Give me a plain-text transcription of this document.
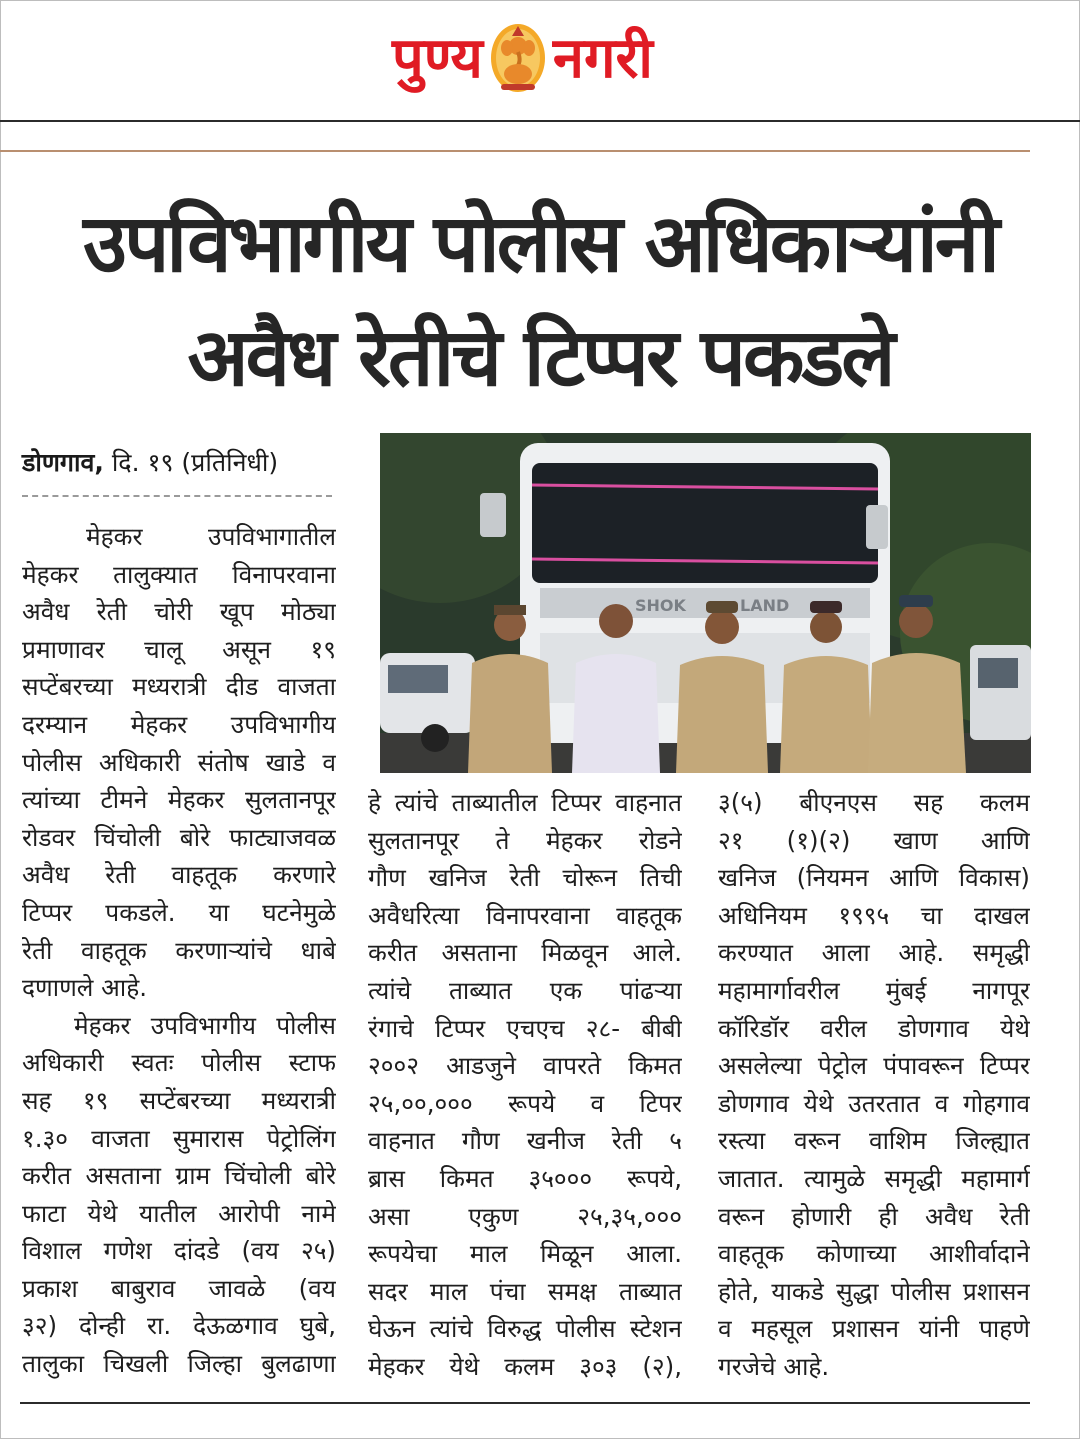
पुण्य नगरी
उपविभागीय पोलीस अधिकाऱ्यांनी
अवैध रेतीचे टिप्पर पकडले
डोणगाव, दि. १९ (प्रतिनिधी)

मेहकर उपविभागातील

मेहकर तालुक्यात विनापरवाना

अवैध रेती चोरी खूप मोठ्या

प्रमाणावर चालू असून १९

सप्टेंबरच्या मध्यरात्री दीड वाजता

दरम्यान मेहकर उपविभागीय

पोलीस अधिकारी संतोष खाडे व

त्यांच्या टीमने मेहकर सुलतानपूर

रोडवर चिंचोली बोरे फाट्याजवळ

अवैध रेती वाहतूक करणारे

टिप्पर पकडले. या घटनेमुळे

रेती वाहतूक करणाऱ्यांचे धाबे

दणाणले आहे.

मेहकर उपविभागीय पोलीस

अधिकारी स्वतः पोलीस स्टाफ

सह १९ सप्टेंबरच्या मध्यरात्री

१.३० वाजता सुमारास पेट्रोलिंग

करीत असताना ग्राम चिंचोली बोरे

फाटा येथे यातील आरोपी नामे

विशाल गणेश दांदडे (वय २५)

प्रकाश बाबुराव जावळे (वय

३२) दोन्ही रा. देऊळगाव घुबे,

तालुका चिखली जिल्हा बुलढाणा

SHOK	LAND

हे त्यांचे ताब्यातील टिप्पर वाहनात

सुलतानपूर ते मेहकर रोडने

गौण खनिज रेती चोरून तिची

अवैधरित्या विनापरवाना वाहतूक

करीत असताना मिळवून आले.

त्यांचे ताब्यात एक पांढऱ्या

रंगाचे टिप्पर एचएच २८- बीबी

२००२ आडजुने वापरते किमत

२५,००,००० रूपये व टिपर

वाहनात गौण खनीज रेती ५

ब्रास किमत ३५००० रूपये,

असा एकुण २५,३५,०००

रूपयेचा माल मिळून आला.

सदर माल पंचा समक्ष ताब्यात

घेऊन त्यांचे विरुद्ध पोलीस स्टेशन

मेहकर येथे कलम ३०३ (२),

३(५) बीएनएस सह कलम

२१ (१)(२) खाण आणि

खनिज (नियमन आणि विकास)

अधिनियम १९९५ चा दाखल

करण्यात आला आहे. समृद्धी

महामार्गावरील मुंबई नागपूर

कॉरिडॉर वरील डोणगाव येथे

असलेल्या पेट्रोल पंपावरून टिप्पर

डोणगाव येथे उतरतात व गोहगाव

रस्त्या वरून वाशिम जिल्ह्यात

जातात. त्यामुळे समृद्धी महामार्ग

वरून होणारी ही अवैध रेती

वाहतूक कोणाच्या आशीर्वादाने

होते, याकडे सुद्धा पोलीस प्रशासन

व महसूल प्रशासन यांनी पाहणे

गरजेचे आहे.
